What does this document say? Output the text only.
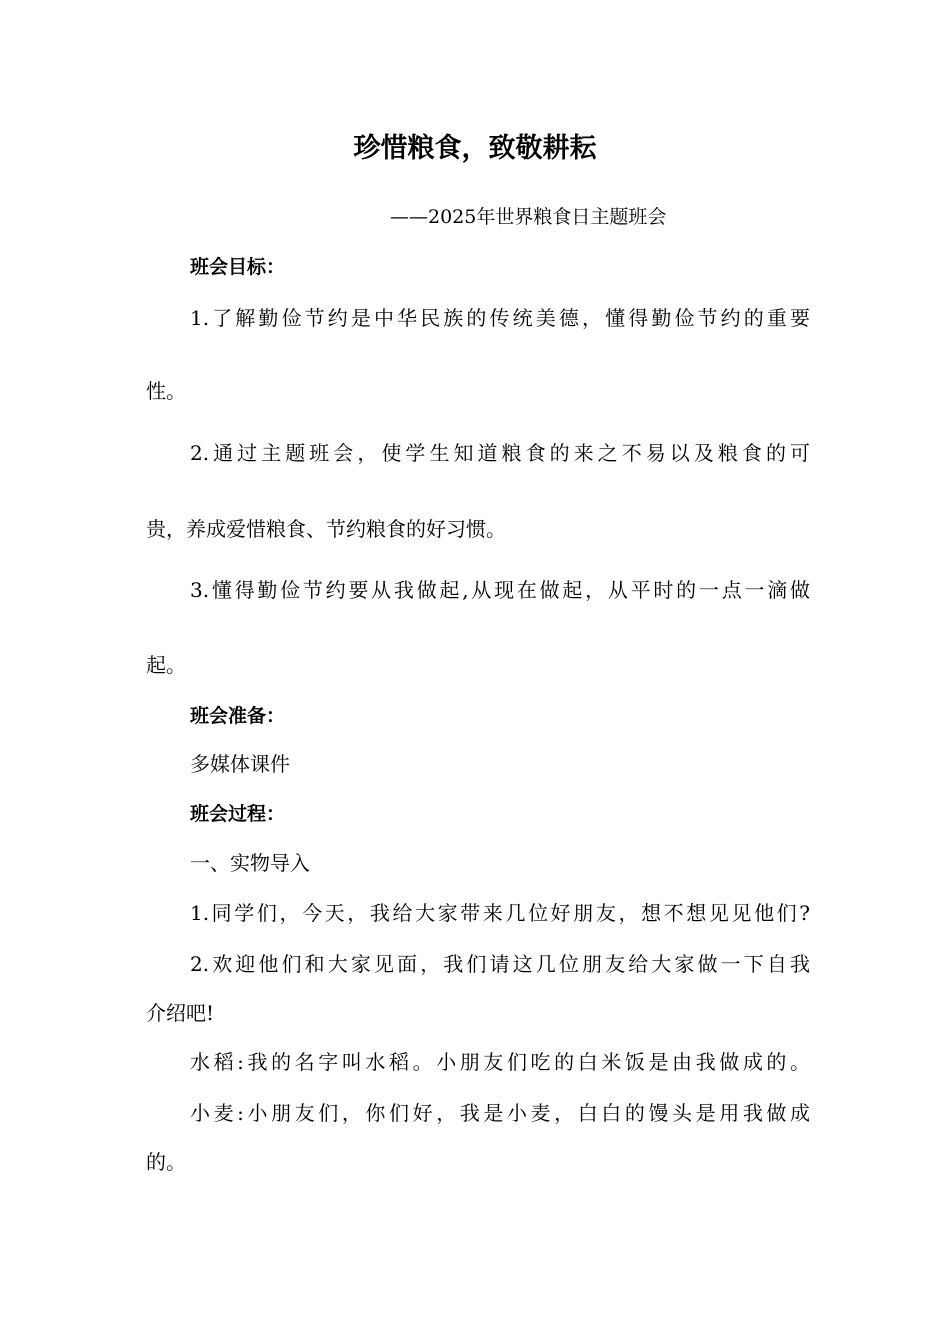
珍惜粮食，致敬耕耘
——2025年世界粮食日主题班会
班会目标：
1.了解勤俭节约是中华民族的传统美德，懂得勤俭节约的重要
性。
2.通过主题班会，使学生知道粮食的来之不易以及粮食的可
贵，养成爱惜粮食、节约粮食的好习惯。
3.懂得勤俭节约要从我做起,从现在做起，从平时的一点一滴做
起。
班会准备：
多媒体课件
班会过程：
一、实物导入
1.同学们，今天，我给大家带来几位好朋友，想不想见见他们?
2.欢迎他们和大家见面，我们请这几位朋友给大家做一下自我
介绍吧!
水稻:我的名字叫水稻。小朋友们吃的白米饭是由我做成的。
小麦:小朋友们，你们好，我是小麦，白白的馒头是用我做成
的。
